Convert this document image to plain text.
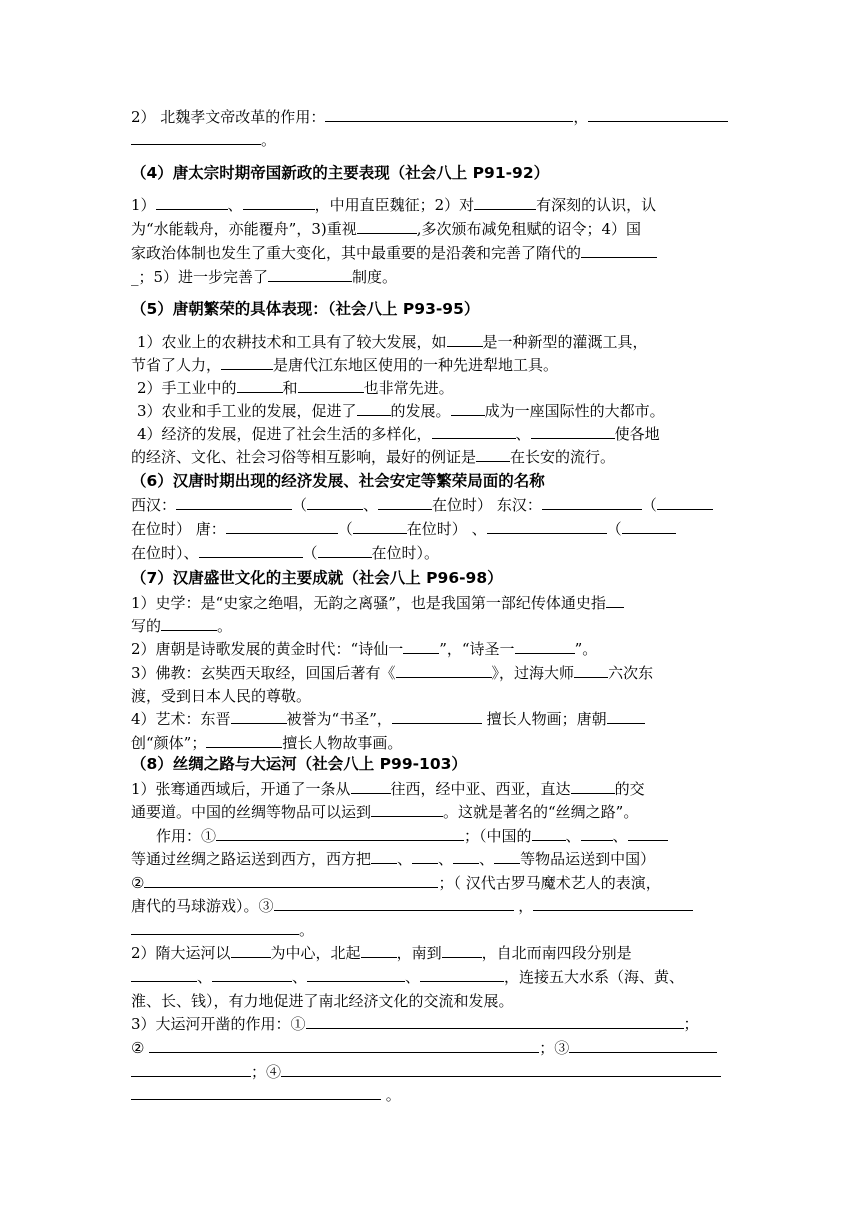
2） 北魏孝文帝改革的作用：	，
。
（4）唐太宗时期帝国新政的主要表现（社会八上 P91-92）
1）	、	，中用直臣魏征；2）对	有深刻的认识，认
为“水能载舟，亦能覆舟”，3)重视	,多次颁布减免租赋的诏令；4）国
家政治体制也发生了重大变化，其中最重要的是沿袭和完善了隋代的
_；5）进一步完善了	制度。
（5）唐朝繁荣的具体表现：（社会八上 P93-95）
1）农业上的农耕技术和工具有了较大发展，如 是一种新型的灌溉工具，
节省了人力，	是唐代江东地区使用的一种先进犁地工具。
2）手工业中的	和	也非常先进。
3）农业和手工业的发展，促进了 的发展。 成为一座国际性的大都市。
4）经济的发展，促进了社会生活的多样化，	、	使各地
的经济、文化、社会习俗等相互影响，最好的例证是 在长安的流行。
（6）汉唐时期出现的经济发展、社会安定等繁荣局面的名称
西汉：	（	、	在位时） 东汉：	（
在位时） 唐：	（	在位时） 、	（
在位时）、	（	在位时）。
（7）汉唐盛世文化的主要成就（社会八上 P96-98）
1）史学：是“史家之绝唱，无韵之离骚”，也是我国第一部纪传体通史指
写的	。
2）唐朝是诗歌发展的黄金时代：“诗仙一 ”，“诗圣一	”。
3）佛教：玄奘西天取经，回国后著有《	》，过海大师 六次东
渡，受到日本人民的尊敬。
4）艺术：东晋	被誉为“书圣”，	擅长人物画；唐朝
创“颜体”；	擅长人物故事画。
（8）丝绸之路与大运河（社会八上 P99-103）
1）张骞通西域后，开通了一条从	往西，经中亚、西亚，直达	的交
通要道。中国的丝绸等物品可以运到	。这就是著名的“丝绸之路”。
作用：①	；（中国的 、 、
等通过丝绸之路运送到西方，西方把 、 、 、 等物品运送到中国）
②	；（ 汉代古罗马魔术艺人的表演，
唐代的马球游戏）。③	，
。
2）隋大运河以	为中心，北起 ，南到	，自北而南四段分别是
、	、	、	，连接五大水系（海、黄、
淮、长、钱），有力地促进了南北经济文化的交流和发展。
3）大运河开凿的作用：①	；
②	；③
；④
。
